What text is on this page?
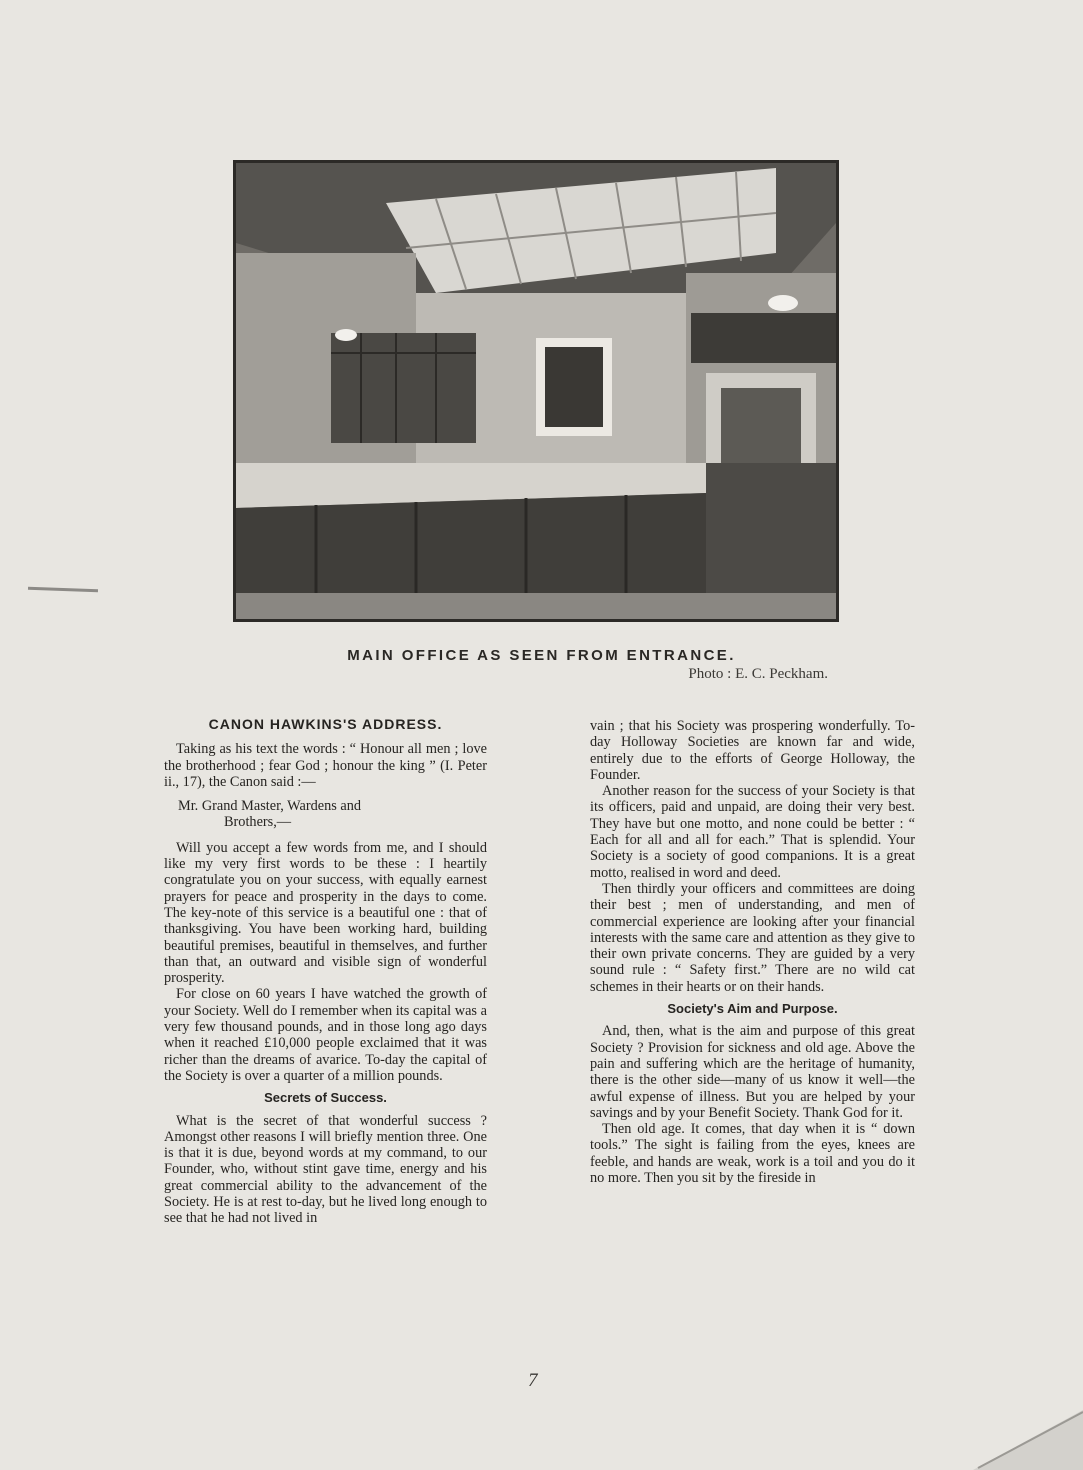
MAIN OFFICE AS SEEN FROM ENTRANCE.
Photo : E. C. Peckham.
CANON HAWKINS'S ADDRESS.

Taking as his text the words : “ Honour all men ; love the brotherhood ; fear God ; honour the king ” (I. Peter ii., 17), the Canon said :—

Mr. Grand Master, Wardens and
Brothers,—

Will you accept a few words from me, and I should like my very first words to be these : I heartily congratulate you on your success, with equally earnest prayers for peace and prosperity in the days to come. The key-note of this service is a beautiful one : that of thanksgiving. You have been working hard, building beautiful premises, beautiful in themselves, and further than that, an outward and visible sign of wonderful prosperity.

For close on 60 years I have watched the growth of your Society. Well do I remember when its capital was a very few thousand pounds, and in those long ago days when it reached £10,000 people exclaimed that it was richer than the dreams of avarice. To-day the capital of the Society is over a quarter of a million pounds.

Secrets of Success.

What is the secret of that wonderful success ? Amongst other reasons I will briefly mention three. One is that it is due, beyond words at my command, to our Founder, who, without stint gave time, energy and his great commercial ability to the advancement of the Society. He is at rest to-day, but he lived long enough to see that he had not lived in

vain ; that his Society was prospering wonderfully. To-day Holloway Societies are known far and wide, entirely due to the efforts of George Holloway, the Founder.

Another reason for the success of your Society is that its officers, paid and unpaid, are doing their very best. They have but one motto, and none could be better : “ Each for all and all for each.” That is splendid. Your Society is a society of good companions. It is a great motto, realised in word and deed.

Then thirdly your officers and committees are doing their best ; men of understanding, and men of commercial experience are looking after your financial interests with the same care and attention as they give to their own private concerns. They are guided by a very sound rule : “ Safety first.” There are no wild cat schemes in their hearts or on their hands.

Society's Aim and Purpose.

And, then, what is the aim and purpose of this great Society ? Provision for sickness and old age. Above the pain and suffering which are the heritage of humanity, there is the other side—many of us know it well—the awful expense of illness. But you are helped by your savings and by your Benefit Society. Thank God for it.

Then old age. It comes, that day when it is “ down tools.” The sight is failing from the eyes, knees are feeble, and hands are weak, work is a toil and you do it no more. Then you sit by the fireside in

7
